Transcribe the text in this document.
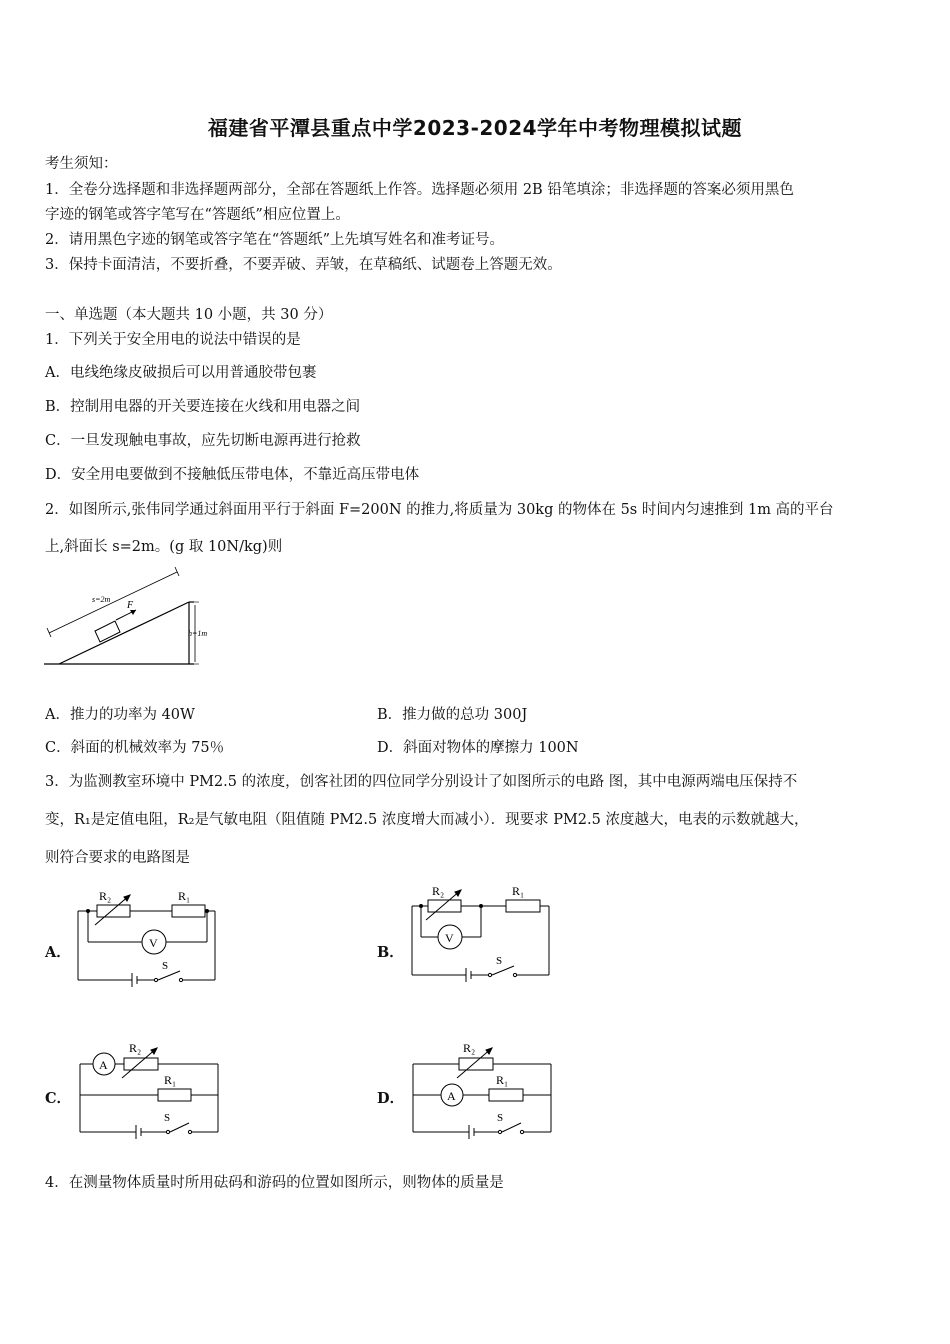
福建省平潭县重点中学2023-2024学年中考物理模拟试题
考生须知：
1．全卷分选择题和非选择题两部分，全部在答题纸上作答。选择题必须用 2B 铅笔填涂；非选择题的答案必须用黑色
字迹的钢笔或答字笔写在“答题纸”相应位置上。
2．请用黑色字迹的钢笔或答字笔在“答题纸”上先填写姓名和准考证号。
3．保持卡面清洁，不要折叠，不要弄破、弄皱，在草稿纸、试题卷上答题无效。
一、单选题（本大题共 10 小题，共 30 分）
1．下列关于安全用电的说法中错误的是
A．电线绝缘皮破损后可以用普通胶带包裹
B．控制用电器的开关要连接在火线和用电器之间
C．一旦发现触电事故，应先切断电源再进行抢救
D．安全用电要做到不接触低压带电体，不靠近高压带电体
2．如图所示,张伟同学通过斜面用平行于斜面 F=200N 的推力,将质量为 30kg 的物体在 5s 时间内匀速推到 1m 高的平台
上,斜面长 s=2m。(g 取 10N/kg)则
s=2m
F
h=1m
A．推力的功率为 40W	B．推力做的总功 300J
C．斜面的机械效率为 75％	D．斜面对物体的摩擦力 100N
3．为监测教室环境中 PM2.5 的浓度，创客社团的四位同学分别设计了如图所示的电路 图，其中电源两端电压保持不
变，R₁是定值电阻，R₂是气敏电阻（阻值随 PM2.5 浓度增大而减小）．现要求 PM2.5 浓度越大，电表的示数就越大，
则符合要求的电路图是
A．
R₂	R₁
V
S
B．
R₂	R₁
V
S
C．
R₂
R₁
A
S
D．
R₂
R₁
A
S
4．在测量物体质量时所用砝码和游码的位置如图所示，则物体的质量是
